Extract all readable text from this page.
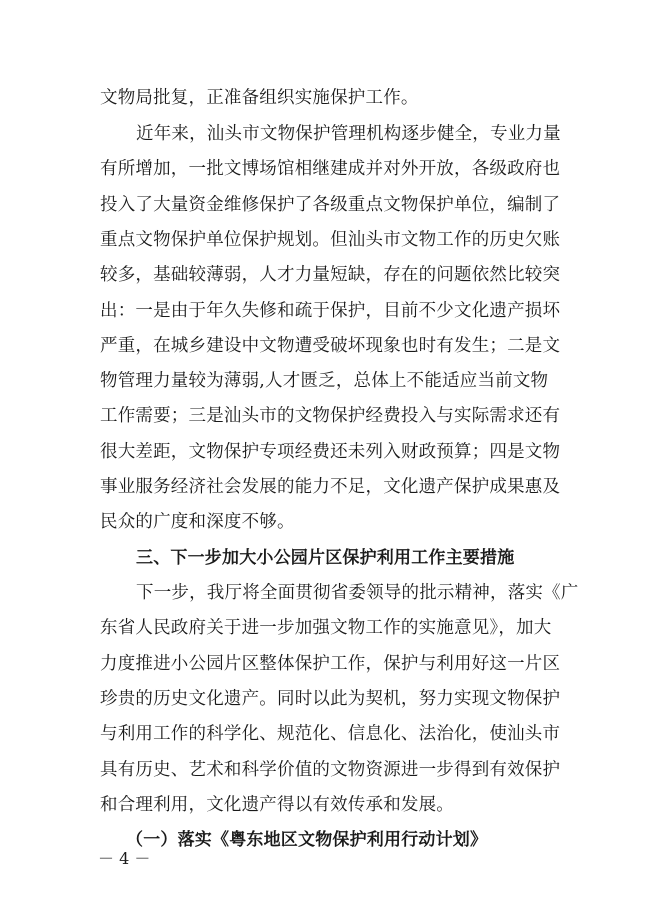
文物局批复，正准备组织实施保护工作。
近年来，汕头市文物保护管理机构逐步健全，专业力量
有所增加，一批文博场馆相继建成并对外开放，各级政府也
投入了大量资金维修保护了各级重点文物保护单位，编制了
重点文物保护单位保护规划。但汕头市文物工作的历史欠账
较多，基础较薄弱，人才力量短缺，存在的问题依然比较突
出：一是由于年久失修和疏于保护，目前不少文化遗产损坏
严重，在城乡建设中文物遭受破坏现象也时有发生；二是文
物管理力量较为薄弱,人才匮乏，总体上不能适应当前文物
工作需要；三是汕头市的文物保护经费投入与实际需求还有
很大差距，文物保护专项经费还未列入财政预算；四是文物
事业服务经济社会发展的能力不足，文化遗产保护成果惠及
民众的广度和深度不够。
三、下一步加大小公园片区保护利用工作主要措施
下一步，我厅将全面贯彻省委领导的批示精神，落实《广
东省人民政府关于进一步加强文物工作的实施意见》，加大
力度推进小公园片区整体保护工作，保护与利用好这一片区
珍贵的历史文化遗产。同时以此为契机，努力实现文物保护
与利用工作的科学化、规范化、信息化、法治化，使汕头市
具有历史、艺术和科学价值的文物资源进一步得到有效保护
和合理利用，文化遗产得以有效传承和发展。
（一）落实《粤东地区文物保护利用行动计划》
－ 4 －
